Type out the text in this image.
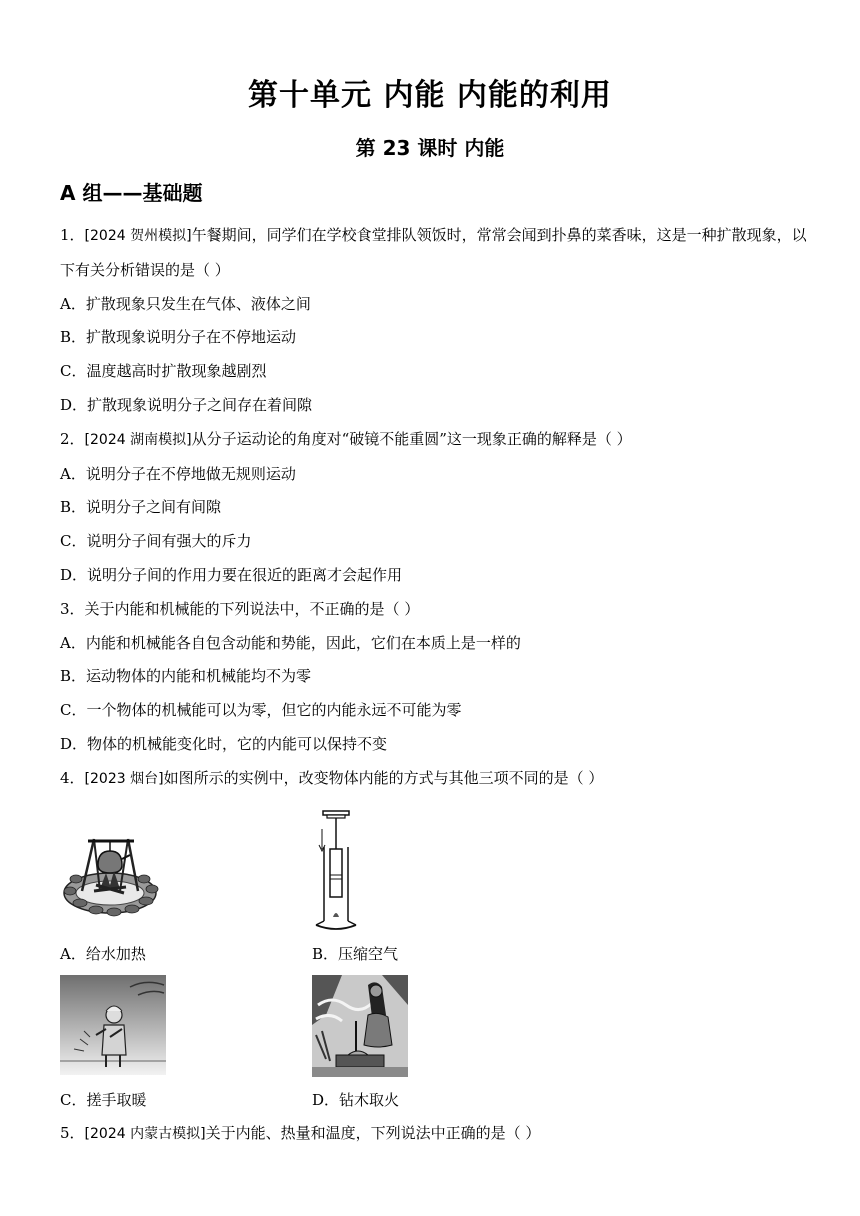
第十单元 内能 内能的利用
第 23 课时 内能
A 组——基础题

1．[2024 贺州模拟]午餐期间，同学们在学校食堂排队领饭时，常常会闻到扑鼻的菜香味，这是一种扩散现象，以下有关分析错误的是（ ）

A．扩散现象只发生在气体、液体之间

B．扩散现象说明分子在不停地运动

C．温度越高时扩散现象越剧烈

D．扩散现象说明分子之间存在着间隙

2．[2024 湖南模拟]从分子运动论的角度对“破镜不能重圆”这一现象正确的解释是（ ）

A．说明分子在不停地做无规则运动

B．说明分子之间有间隙

C．说明分子间有强大的斥力

D．说明分子间的作用力要在很近的距离才会起作用

3．关于内能和机械能的下列说法中，不正确的是（ ）

A．内能和机械能各自包含动能和势能，因此，它们在本质上是一样的

B．运动物体的内能和机械能均不为零

C．一个物体的机械能可以为零，但它的内能永远不可能为零

D．物体的机械能变化时，它的内能可以保持不变

4．[2023 烟台]如图所示的实例中，改变物体内能的方式与其他三项不同的是（ ）

A．给水加热	B．压缩空气
C．搓手取暖	D．钻木取火

5．[2024 内蒙古模拟]关于内能、热量和温度，下列说法中正确的是（ ）
